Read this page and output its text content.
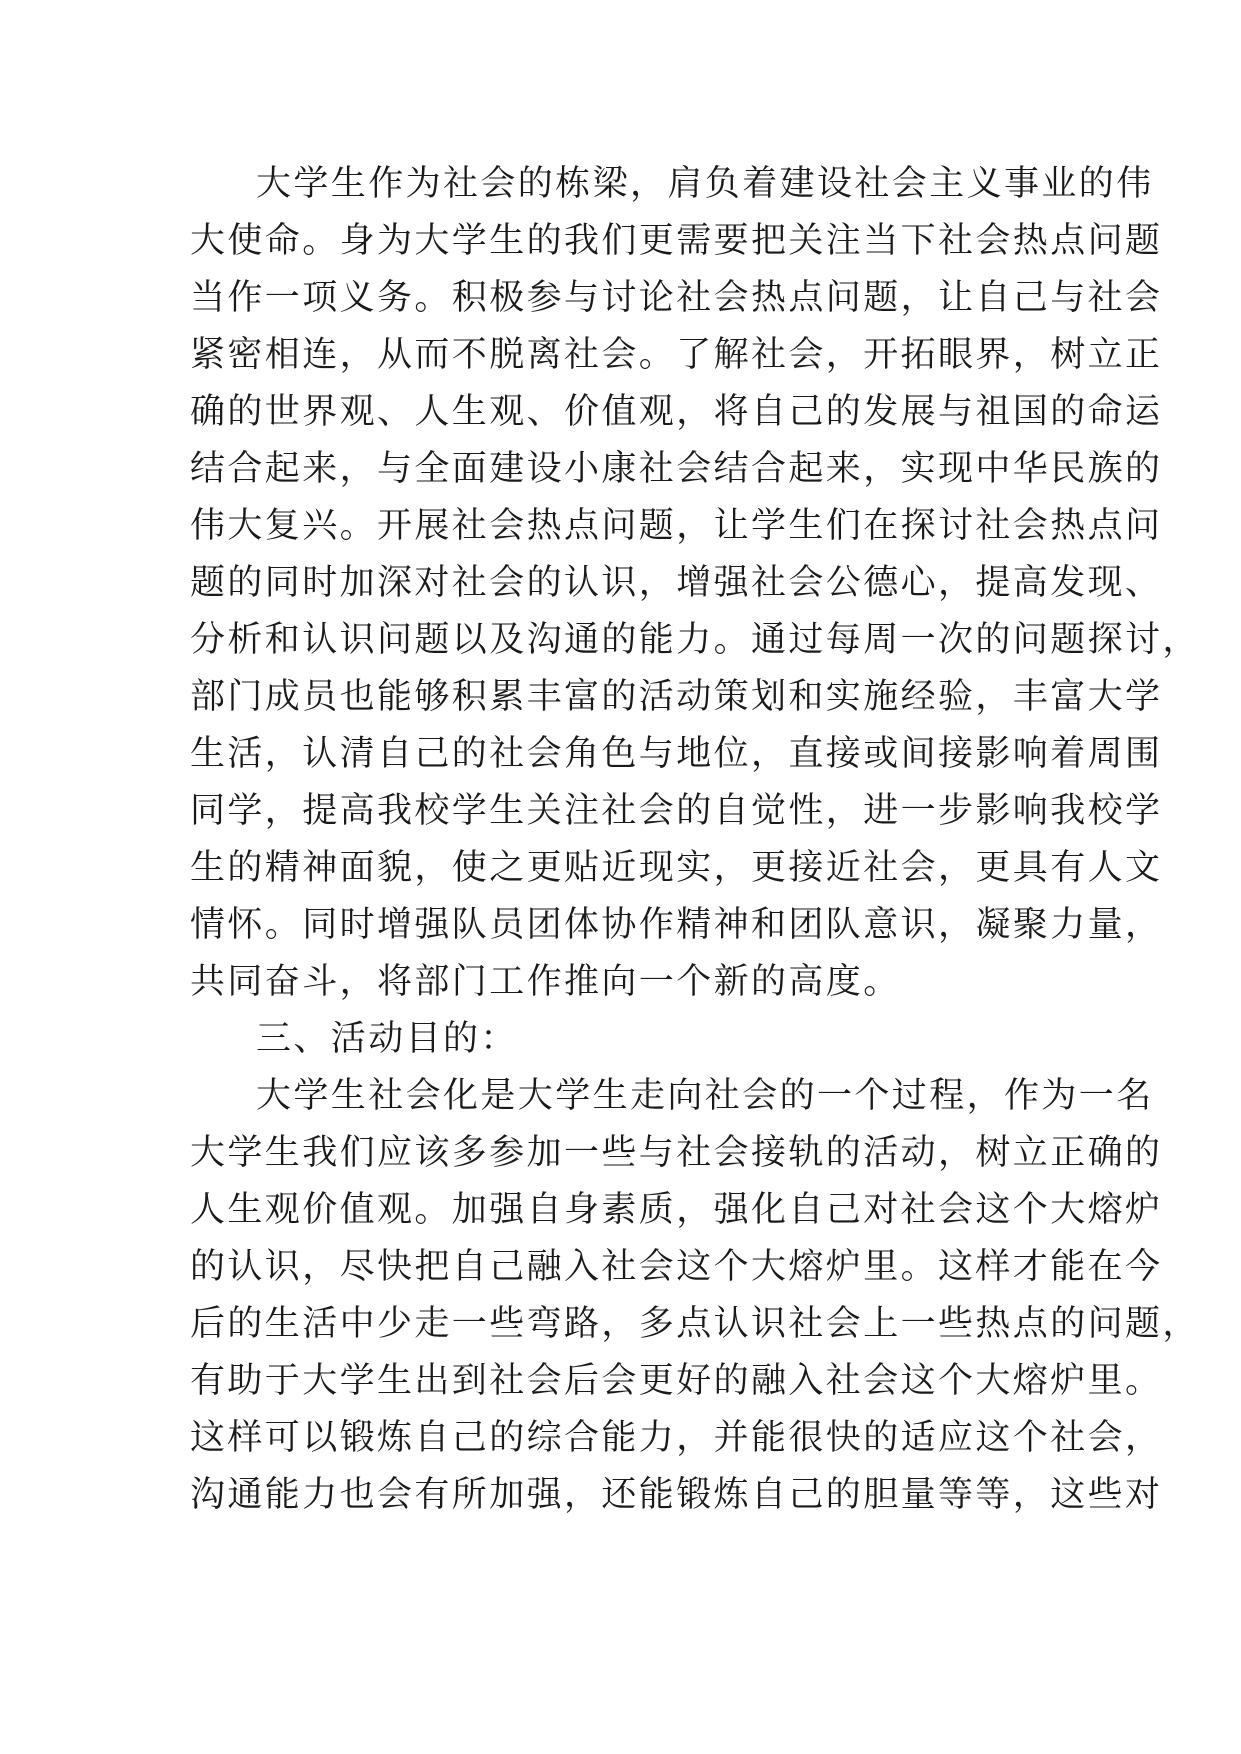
大学生作为社会的栋梁，肩负着建设社会主义事业的伟
大使命。身为大学生的我们更需要把关注当下社会热点问题
当作一项义务。积极参与讨论社会热点问题，让自己与社会
紧密相连，从而不脱离社会。了解社会，开拓眼界，树立正
确的世界观、人生观、价值观，将自己的发展与祖国的命运
结合起来，与全面建设小康社会结合起来，实现中华民族的
伟大复兴。开展社会热点问题，让学生们在探讨社会热点问
题的同时加深对社会的认识，增强社会公德心，提高发现、
分析和认识问题以及沟通的能力。通过每周一次的问题探讨，
部门成员也能够积累丰富的活动策划和实施经验，丰富大学
生活，认清自己的社会角色与地位，直接或间接影响着周围
同学，提高我校学生关注社会的自觉性，进一步影响我校学
生的精神面貌，使之更贴近现实，更接近社会，更具有人文
情怀。同时增强队员团体协作精神和团队意识，凝聚力量，
共同奋斗，将部门工作推向一个新的高度。
三、活动目的：
大学生社会化是大学生走向社会的一个过程，作为一名
大学生我们应该多参加一些与社会接轨的活动，树立正确的
人生观价值观。加强自身素质，强化自己对社会这个大熔炉
的认识，尽快把自己融入社会这个大熔炉里。这样才能在今
后的生活中少走一些弯路，多点认识社会上一些热点的问题，
有助于大学生出到社会后会更好的融入社会这个大熔炉里。
这样可以锻炼自己的综合能力，并能很快的适应这个社会，
沟通能力也会有所加强，还能锻炼自己的胆量等等，这些对
